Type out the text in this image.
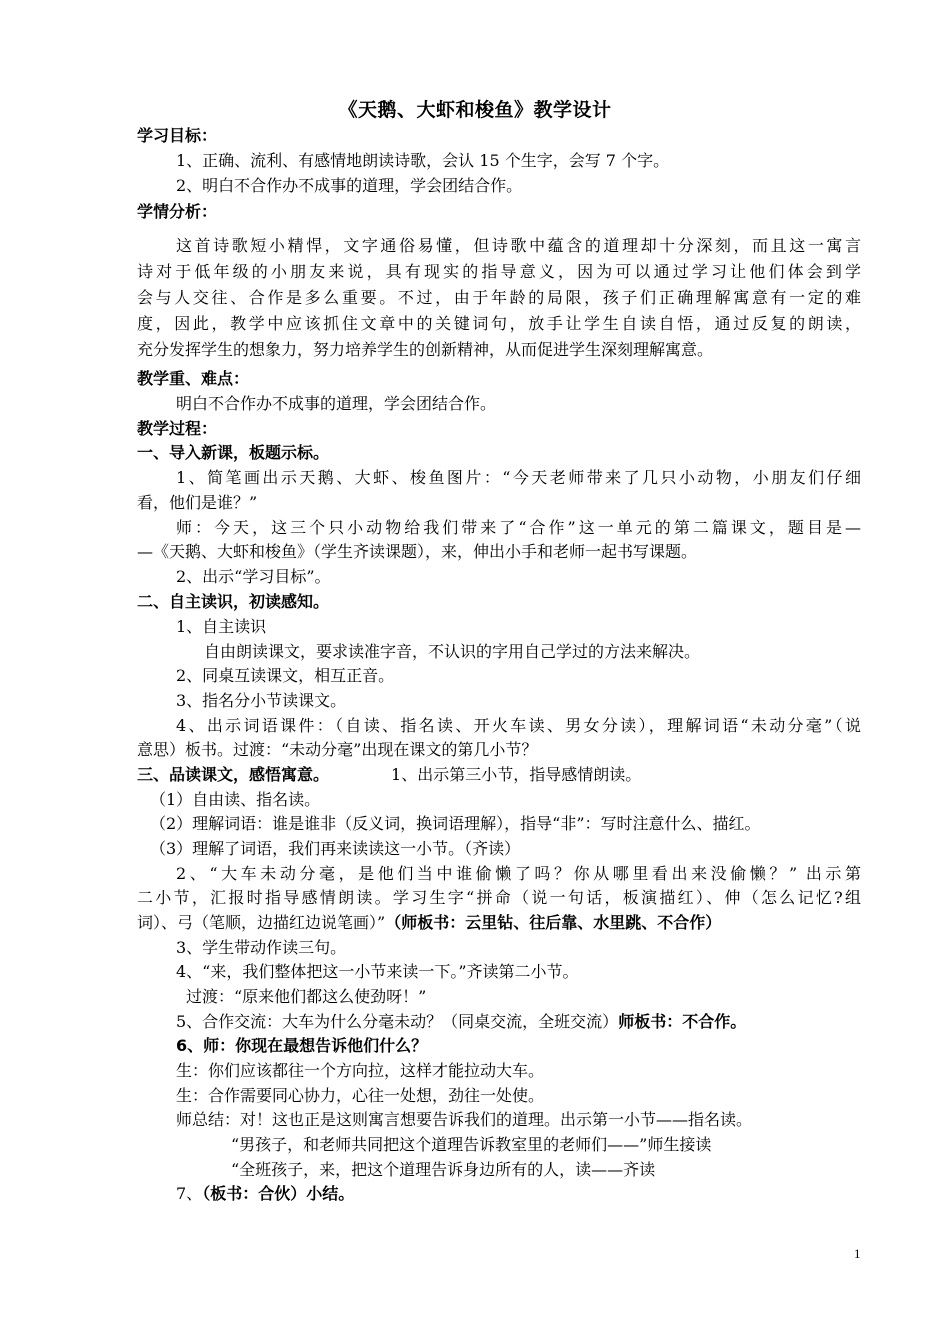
《天鹅、大虾和梭鱼》教学设计
学习目标：
1、正确、流利、有感情地朗读诗歌，会认 15 个生字，会写 7 个字。
2、明白不合作办不成事的道理，学会团结合作。
学情分析：
这首诗歌短小精悍，文字通俗易懂，但诗歌中蕴含的道理却十分深刻，而且这一寓言
诗对于低年级的小朋友来说，具有现实的指导意义，因为可以通过学习让他们体会到学
会与人交往、合作是多么重要。不过，由于年龄的局限，孩子们正确理解寓意有一定的难
度，因此，教学中应该抓住文章中的关键词句，放手让学生自读自悟，通过反复的朗读，
充分发挥学生的想象力，努力培养学生的创新精神，从而促进学生深刻理解寓意。
教学重、难点：
明白不合作办不成事的道理，学会团结合作。
教学过程：
一、导入新课，板题示标。
1、简笔画出示天鹅、大虾、梭鱼图片：“今天老师带来了几只小动物，小朋友们仔细
看，他们是谁？”
师：今天，这三个只小动物给我们带来了“合作”这一单元的第二篇课文，题目是—
—《天鹅、大虾和梭鱼》（学生齐读课题），来，伸出小手和老师一起书写课题。
2、出示“学习目标”。
二、自主读识，初读感知。
1、自主读识
自由朗读课文，要求读准字音，不认识的字用自己学过的方法来解决。
2、同桌互读课文，相互正音。
3、指名分小节读课文。
4、出示词语课件：（自读、指名读、开火车读、男女分读），理解词语“未动分毫”（说
意思）板书。过渡：“未动分毫”出现在课文的第几小节？
三、品读课文，感悟寓意。	1、出示第三小节，指导感情朗读。
（1）自由读、指名读。
（2）理解词语：谁是谁非（反义词，换词语理解），指导“非”：写时注意什么、描红。
（3）理解了词语，我们再来读读这一小节。（齐读）
2、“大车未动分毫，是他们当中谁偷懒了吗？你从哪里看出来没偷懒？” 出示第
二小节，汇报时指导感情朗读。学习生字“拼命（说一句话，板演描红）、伸（怎么记忆?组
词）、弓（笔顺，边描红边说笔画）”（师板书：云里钻、往后靠、水里跳、不合作）
3、学生带动作读三句。
4、“来，我们整体把这一小节来读一下。”齐读第二小节。
过渡：“原来他们都这么使劲呀！”
5、合作交流：大车为什么分毫未动？（同桌交流，全班交流）师板书：不合作。
6、师：你现在最想告诉他们什么？
生：你们应该都往一个方向拉，这样才能拉动大车。
生：合作需要同心协力，心往一处想，劲往一处使。
师总结：对！这也正是这则寓言想要告诉我们的道理。出示第一小节——指名读。
“男孩子，和老师共同把这个道理告诉教室里的老师们——”师生接读
“全班孩子，来，把这个道理告诉身边所有的人，读——齐读
7、（板书：合伙）小结。
1
